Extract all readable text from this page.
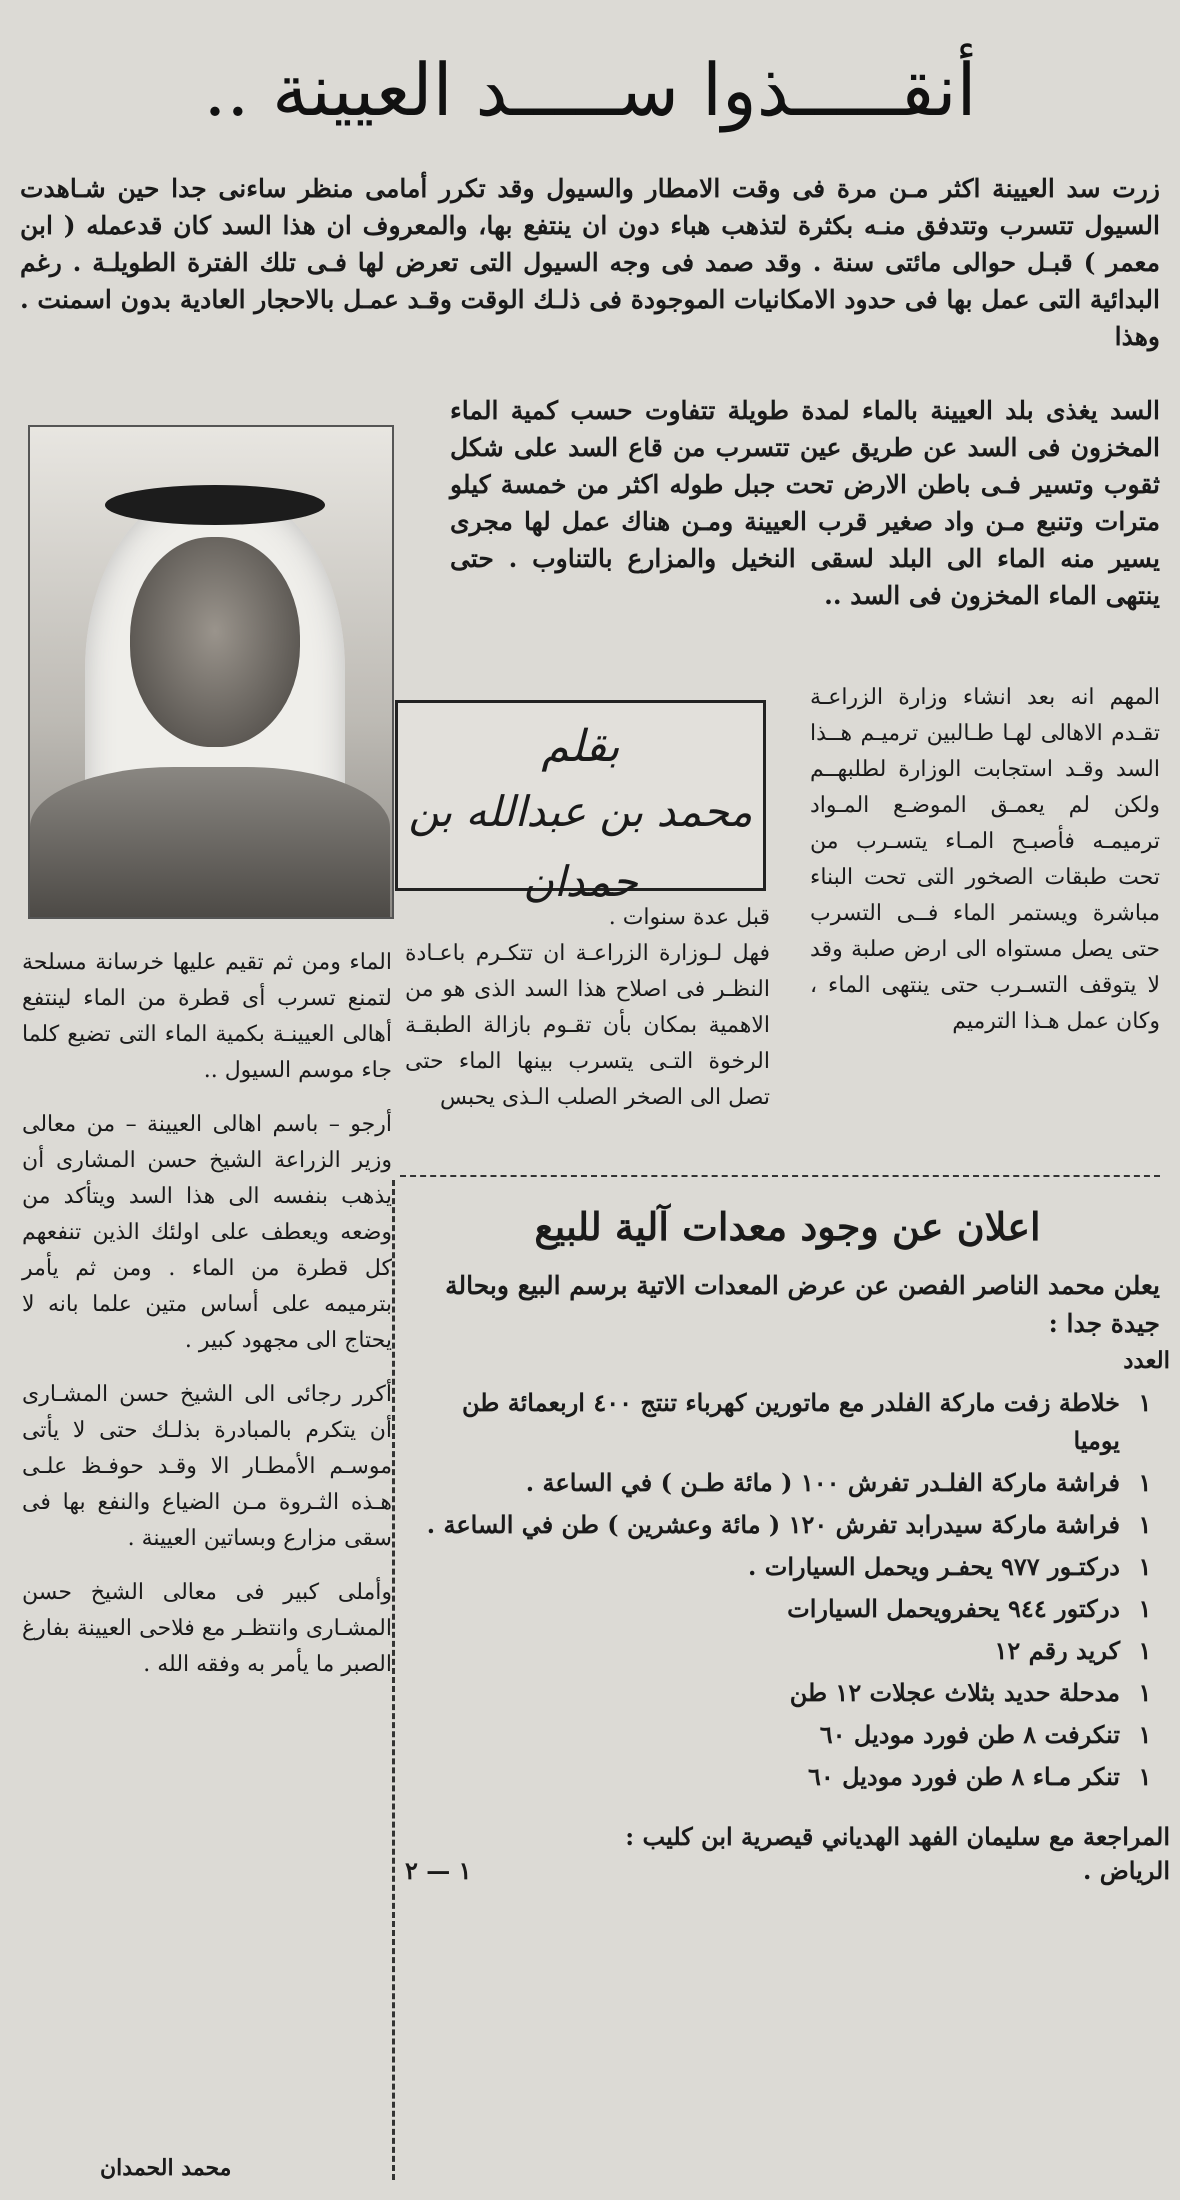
أنقـــــذوا ســـــد العيينة ..
زرت سد العيينة اكثر مـن مرة فى وقت الامطار والسيول وقد تكرر أمامى منظر ساءنى جدا حين شـاهدت السيول تتسرب وتتدفق منـه بكثرة لتذهب هباء دون ان ينتفع بها، والمعروف ان هذا السد كان قدعمله ( ابن معمر ) قبـل حوالى مائتى سنة . وقد صمد فى وجه السيول التى تعرض لها فـى تلك الفترة الطويلـة . رغم البدائية التى عمل بها فى حدود الامكانيات الموجودة فى ذلـك الوقت وقـد عمـل بالاحجار العادية بدون اسمنت . وهذا
السد يغذى بلد العيينة بالماء لمدة طويلة تتفاوت حسب كمية الماء المخزون فى السد عن طريق عين تتسرب من قاع السد على شكل ثقوب وتسير فـى باطن الارض تحت جبل طوله اكثر من خمسة كيلو مترات وتنبع مـن واد صغير قرب العيينة ومـن هناك عمل لها مجرى يسير منه الماء الى البلد لسقى النخيل والمزارع بالتناوب . حتى ينتهى الماء المخزون فى السد ..
بقلم
محمد بن عبدالله بن حمدان
المهم انه بعد انشاء وزارة الزراعـة تقـدم الاهالى لهـا طـالبين ترميـم هــذا السد وقـد استجابت الوزارة لطلبهــم ولكن لم يعمـق الموضـع المـواد ترميمـه فأصبـح المـاء يتسـرب من تحت طبقات الصخور التى تحت البناء مباشرة ويستمر الماء فــى التسرب حتى يصل مستواه الى ارض صلبة وقد لا يتوقف التسـرب حتى ينتهى الماء ، وكان عمل هـذا الترميم
قبل عدة سنوات .
فهل لـوزارة الزراعـة ان تتكـرم باعـادة النظـر فى اصلاح هذا السد الذى هو من الاهمية بمكان بأن تقـوم بازالة الطبقـة الرخوة التـى يتسرب بينها الماء حتى تصل الى الصخر الصلب الـذى يحبس
الماء ومن ثم تقيم عليها خرسانة مسلحة لتمنع تسرب أى قطرة من الماء لينتفع أهالى العيينـة بكمية الماء التى تضيع كلما جاء موسم السيول ..
أرجو – باسم اهالى العيينة – من معالى وزير الزراعة الشيخ حسن المشارى أن يذهب بنفسه الى هذا السد ويتأكد من وضعه ويعطف على اولئك الذين تنفعهم كل قطرة من الماء . ومن ثم يأمر بترميمه على أساس متين علما بانه لا يحتاج الى مجهود كبير .
أكرر رجائى الى الشيخ حسن المشـارى أن يتكرم بالمبادرة بذلـك حتى لا يأتى موسـم الأمطـار الا وقـد حوفـظ علـى هـذه الثـروة مـن الضياع والنفع بها فى سقى مزارع وبساتين العيينة .
وأملى كبير فى معالى الشيخ حسن المشـارى وانتظـر مع فلاحى العيينة بفارغ الصبر ما يأمر به وفقه الله .
محمد الحمدان
اعلان عن وجود معدات آلية للبيع
يعلن محمد الناصر الفصن عن عرض المعدات الاتية برسم البيع وبحالة جيدة جدا :
العدد
١
خلاطة زفت ماركة الفلدر مع ماتورين كهرباء تنتج ٤٠٠ اربعمائة طن يوميا
١
فراشة ماركة الفلـدر تفرش ١٠٠ ( مائة طـن ) في الساعة .
١
فراشة ماركة سيدرابد تفرش ١٢٠ ( مائة وعشرين ) طن في الساعة .
١
دركتـور ٩٧٧ يحفـر ويحمل السيارات .
١
دركتور ٩٤٤ يحفرويحمل السيارات
١
كريد رقم ١٢
١
مدحلة حديد بثلاث عجلات ١٢ طن
١
تنكرفت ٨ طن فورد موديل ٦٠
١
تنكر مـاء ٨ طن فورد موديل ٦٠
المراجعة مع سليمان الفهد الهدياني قيصرية ابن كليب :
الرياض .
١ — ٢
